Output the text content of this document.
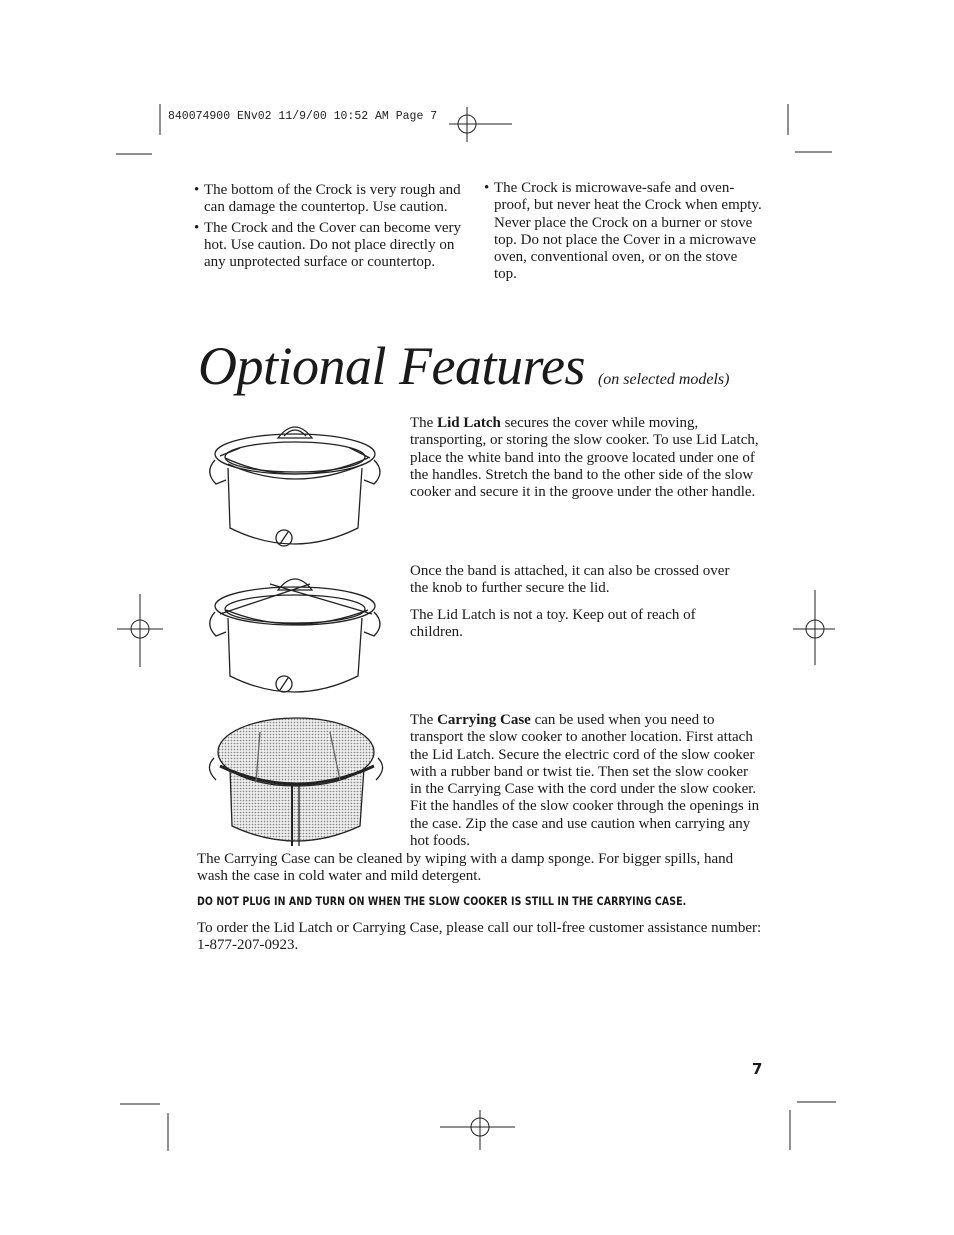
840074900 ENv02 11/9/00 10:52 AM Page 7
• The bottom of the Crock is very rough and can damage the countertop. Use caution.
• The Crock and the Cover can become very hot. Use caution. Do not place directly on any unprotected surface or countertop.
• The Crock is microwave-safe and oven-proof, but never heat the Crock when empty. Never place the Crock on a burner or stove top. Do not place the Cover in a microwave oven, conventional oven, or on the stove top.
Optional Features (on selected models)

The Lid Latch secures the cover while moving, transporting, or storing the slow cooker. To use Lid Latch, place the white band into the groove located under one of the handles. Stretch the band to the other side of the slow cooker and secure it in the groove under the other handle.

Once the band is attached, it can also be crossed over the knob to further secure the lid.

The Lid Latch is not a toy. Keep out of reach of children.

The Carrying Case can be used when you need to transport the slow cooker to another location. First attach the Lid Latch. Secure the electric cord of the slow cooker with a rubber band or twist tie. Then set the slow cooker in the Carrying Case with the cord under the slow cooker. Fit the handles of the slow cooker through the openings in the case. Zip the case and use caution when carrying any hot foods.

The Carrying Case can be cleaned by wiping with a damp sponge. For bigger spills, hand wash the case in cold water and mild detergent.
DO NOT PLUG IN AND TURN ON WHEN THE SLOW COOKER IS STILL IN THE CARRYING CASE.
To order the Lid Latch or Carrying Case, please call our toll-free customer assistance number: 1-877-207-0923.
7
